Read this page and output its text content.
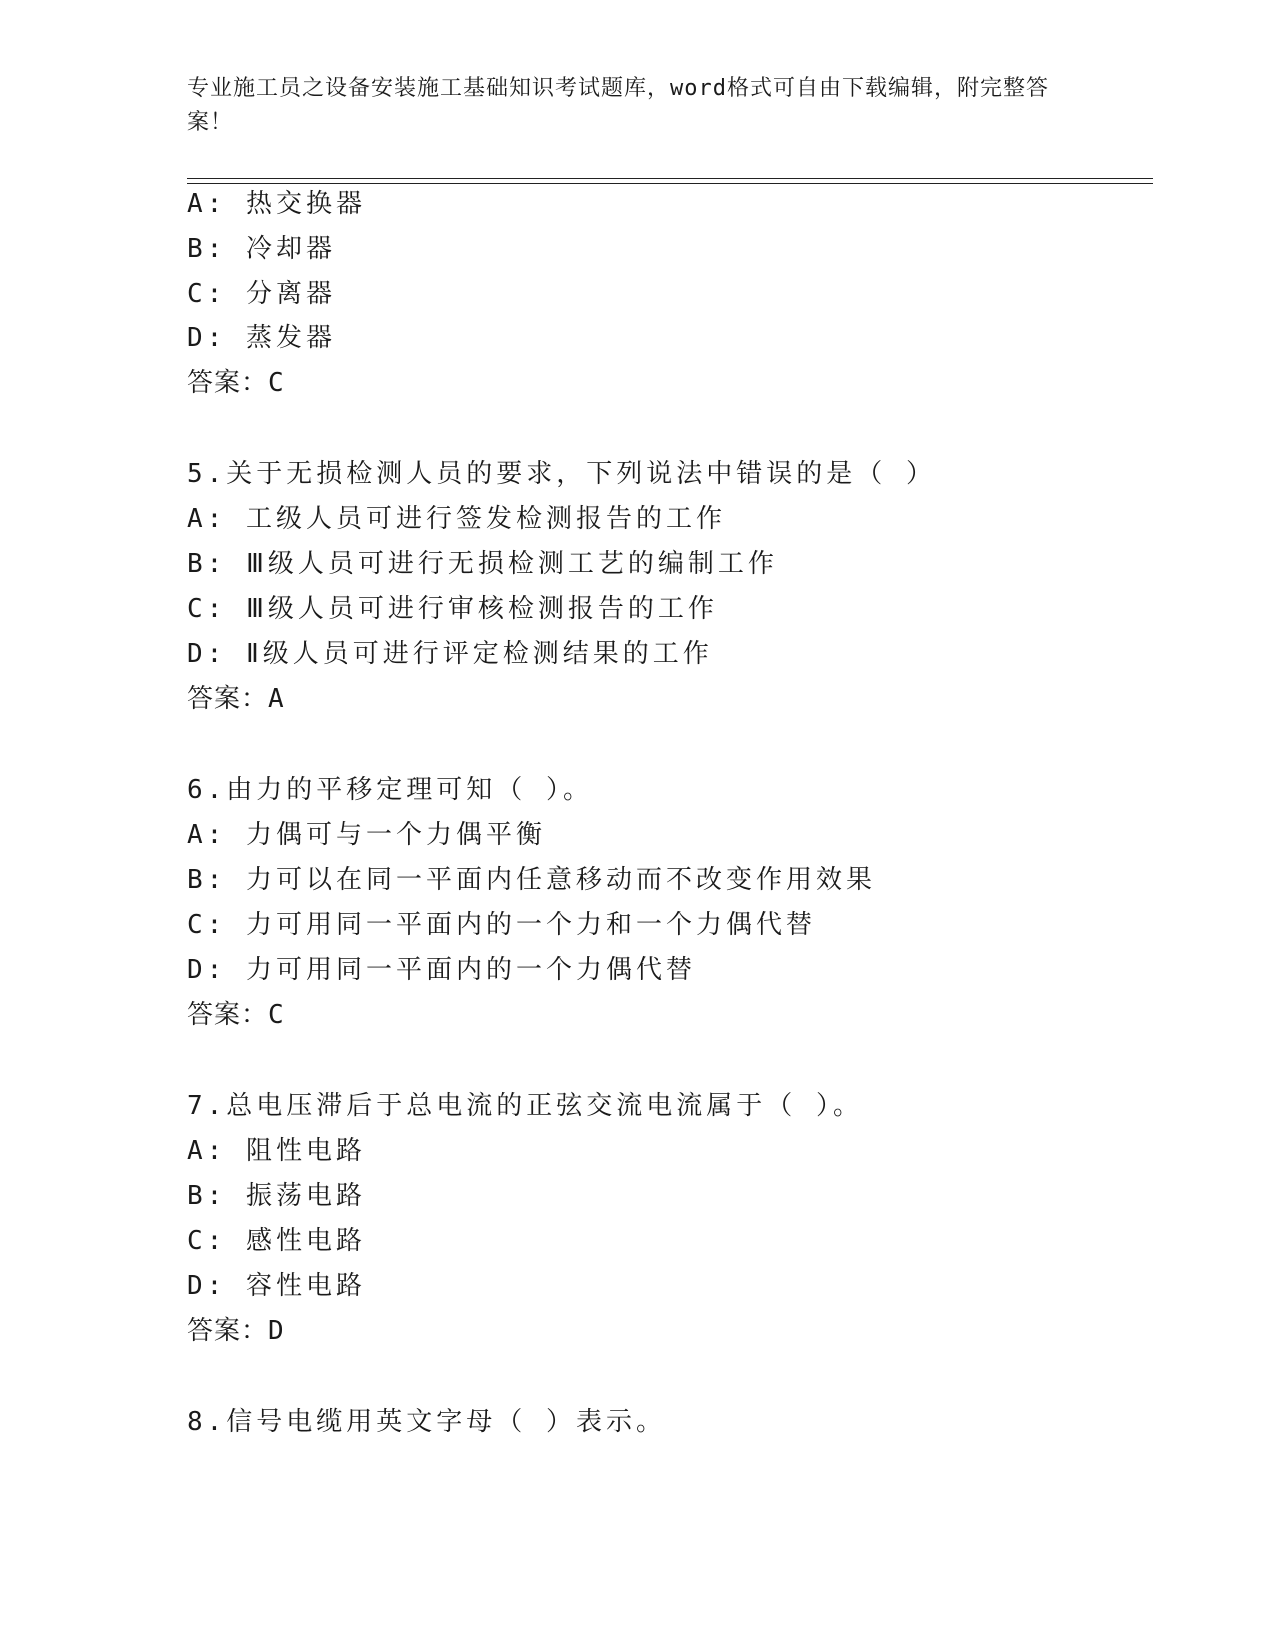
专业施工员之设备安装施工基础知识考试题库，word格式可自由下载编辑，附完整答案！
A: 热交换器
B: 冷却器
C: 分离器
D: 蒸发器
答案：C
5.关于无损检测人员的要求，下列说法中错误的是（ ）
A: 工级人员可进行签发检测报告的工作
B: Ⅲ级人员可进行无损检测工艺的编制工作
C: Ⅲ级人员可进行审核检测报告的工作
D: Ⅱ级人员可进行评定检测结果的工作
答案：A
6.由力的平移定理可知（ ）。
A: 力偶可与一个力偶平衡
B: 力可以在同一平面内任意移动而不改变作用效果
C: 力可用同一平面内的一个力和一个力偶代替
D: 力可用同一平面内的一个力偶代替
答案：C
7.总电压滞后于总电流的正弦交流电流属于（ ）。
A: 阻性电路
B: 振荡电路
C: 感性电路
D: 容性电路
答案：D
8.信号电缆用英文字母（ ）表示。
